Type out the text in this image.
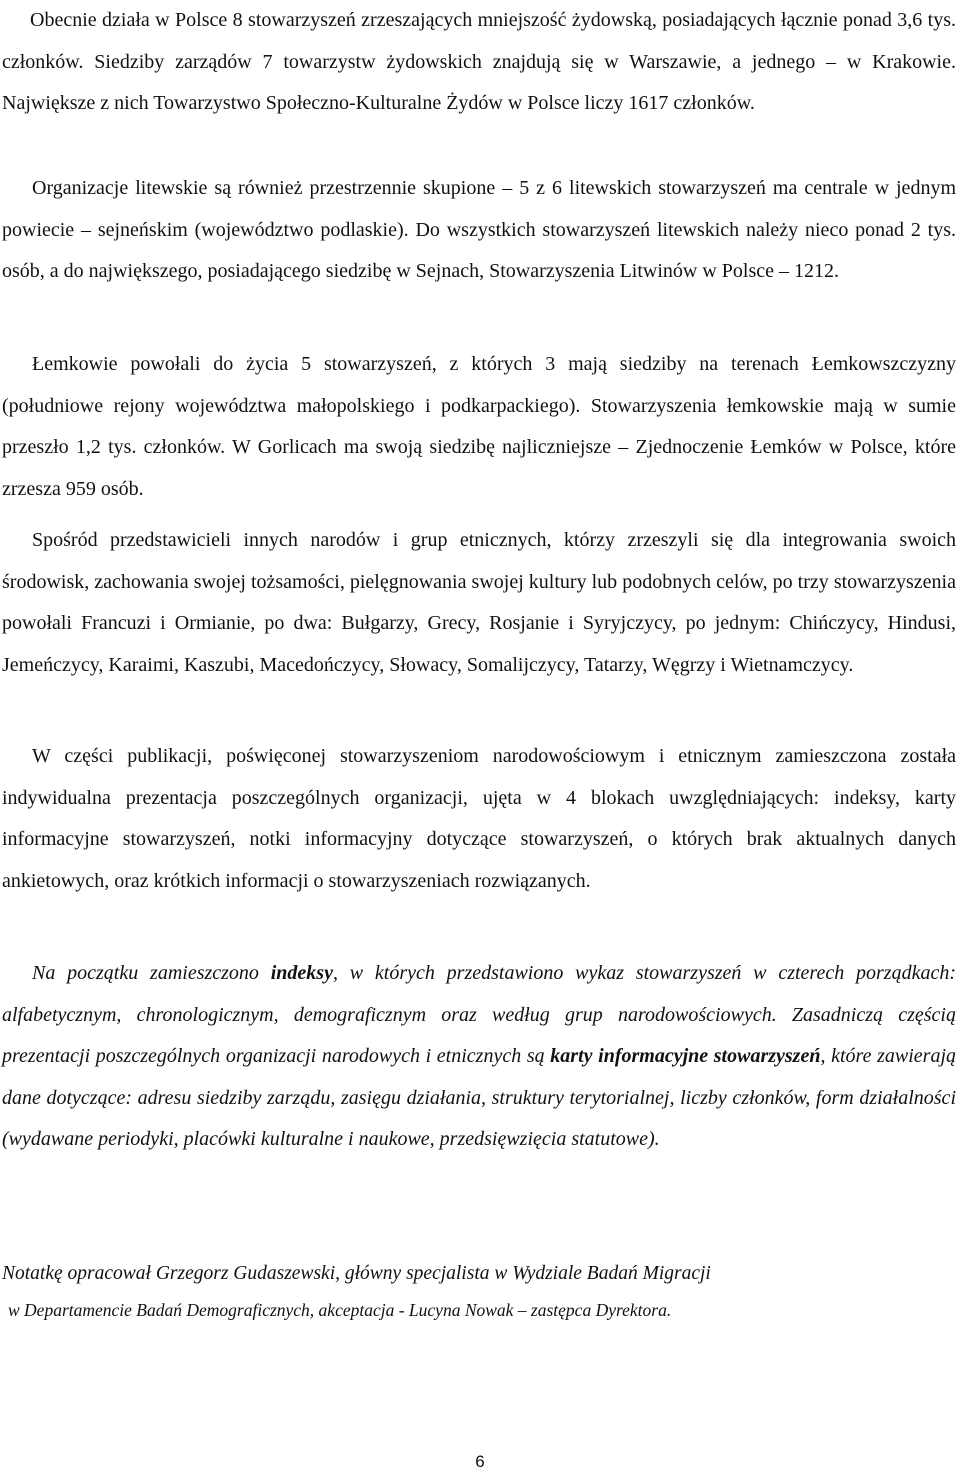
Obecnie działa w Polsce 8 stowarzyszeń zrzeszających mniejszość żydowską, posiadających łącznie ponad 3,6 tys. członków. Siedziby zarządów 7 towarzystw żydowskich znajdują się w Warszawie, a jednego – w Krakowie. Największe z nich Towarzystwo Społeczno-Kulturalne Żydów w Polsce liczy 1617 członków.

Organizacje litewskie są również przestrzennie skupione – 5 z 6 litewskich stowarzyszeń ma centrale w jednym powiecie – sejneńskim (województwo podlaskie). Do wszystkich stowarzyszeń litewskich należy nieco ponad 2 tys. osób, a do największego, posiadającego siedzibę w Sejnach, Stowarzyszenia Litwinów w Polsce – 1212.

Łemkowie powołali do życia 5 stowarzyszeń, z których 3 mają siedziby na terenach Łemkowszczyzny (południowe rejony województwa małopolskiego i podkarpackiego). Stowarzyszenia łemkowskie mają w sumie przeszło 1,2 tys. członków. W Gorlicach ma swoją siedzibę najliczniejsze – Zjednoczenie Łemków w Polsce, które zrzesza 959 osób.

Spośród przedstawicieli innych narodów i grup etnicznych, którzy zrzeszyli się dla integrowania swoich środowisk, zachowania swojej tożsamości, pielęgnowania swojej kultury lub podobnych celów, po trzy stowarzyszenia powołali Francuzi i Ormianie, po dwa: Bułgarzy, Grecy, Rosjanie i Syryjczycy, po jednym: Chińczycy, Hindusi, Jemeńczycy, Karaimi, Kaszubi, Macedończycy, Słowacy, Somalijczycy, Tatarzy, Węgrzy i Wietnamczycy.

W części publikacji, poświęconej stowarzyszeniom narodowościowym i etnicznym zamieszczona została indywidualna prezentacja poszczególnych organizacji, ujęta w 4 blokach uwzględniających: indeksy, karty informacyjne stowarzyszeń, notki informacyjny dotyczące stowarzyszeń, o których brak aktualnych danych ankietowych, oraz krótkich informacji o stowarzyszeniach rozwiązanych.

Na początku zamieszczono indeksy, w których przedstawiono wykaz stowarzyszeń w czterech porządkach: alfabetycznym, chronologicznym, demograficznym oraz według grup narodowościowych. Zasadniczą częścią prezentacji poszczególnych organizacji narodowych i etnicznych są karty informacyjne stowarzyszeń, które zawierają dane dotyczące: adresu siedziby zarządu, zasięgu działania, struktury terytorialnej, liczby członków, form działalności (wydawane periodyki, placówki kulturalne i naukowe, przedsięwzięcia statutowe).

Notatkę opracował Grzegorz Gudaszewski, główny specjalista w Wydziale Badań Migracji
w Departamencie Badań Demograficznych, akceptacja - Lucyna Nowak – zastępca Dyrektora.
6
